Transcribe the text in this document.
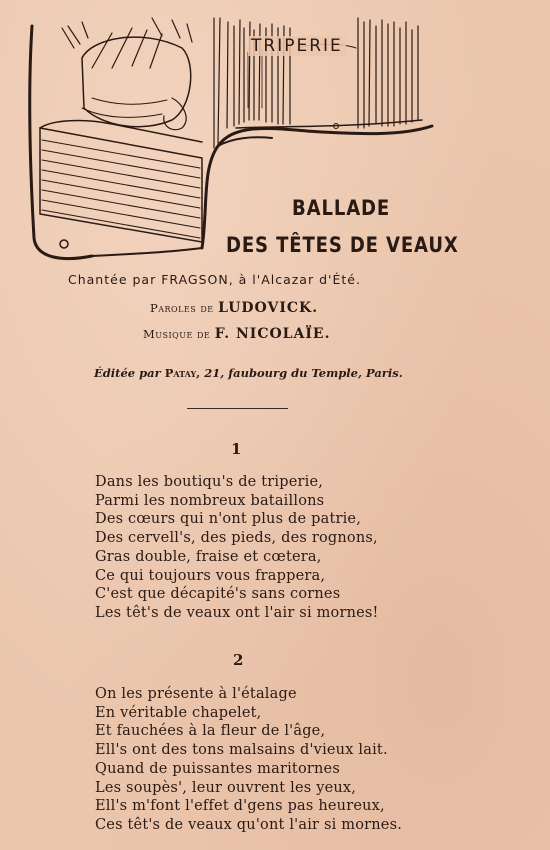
TRIPERIE
BALLADE
DES TÊTES DE VEAUX
Chantée par FRAGSON, à l'Alcazar d'Été.
Paroles de LUDOVICK.
Musique de F. NICOLAÏE.
Éditée par Patay, 21, faubourg du Temple, Paris.
1
Dans les boutiqu's de triperie,
Parmi les nombreux bataillons
Des cœurs qui n'ont plus de patrie,
Des cervell's, des pieds, des rognons,
Gras double, fraise et cœtera,
Ce qui toujours vous frappera,
C'est que décapité's sans cornes
Les têt's de veaux ont l'air si mornes!
2
On les présente à l'étalage
En véritable chapelet,
Et fauchées à la fleur de l'âge,
Ell's ont des tons malsains d'vieux lait.
Quand de puissantes maritornes
Les soupès', leur ouvrent les yeux,
Ell's m'font l'effet d'gens pas heureux,
Ces têt's de veaux qu'ont l'air si mornes.
